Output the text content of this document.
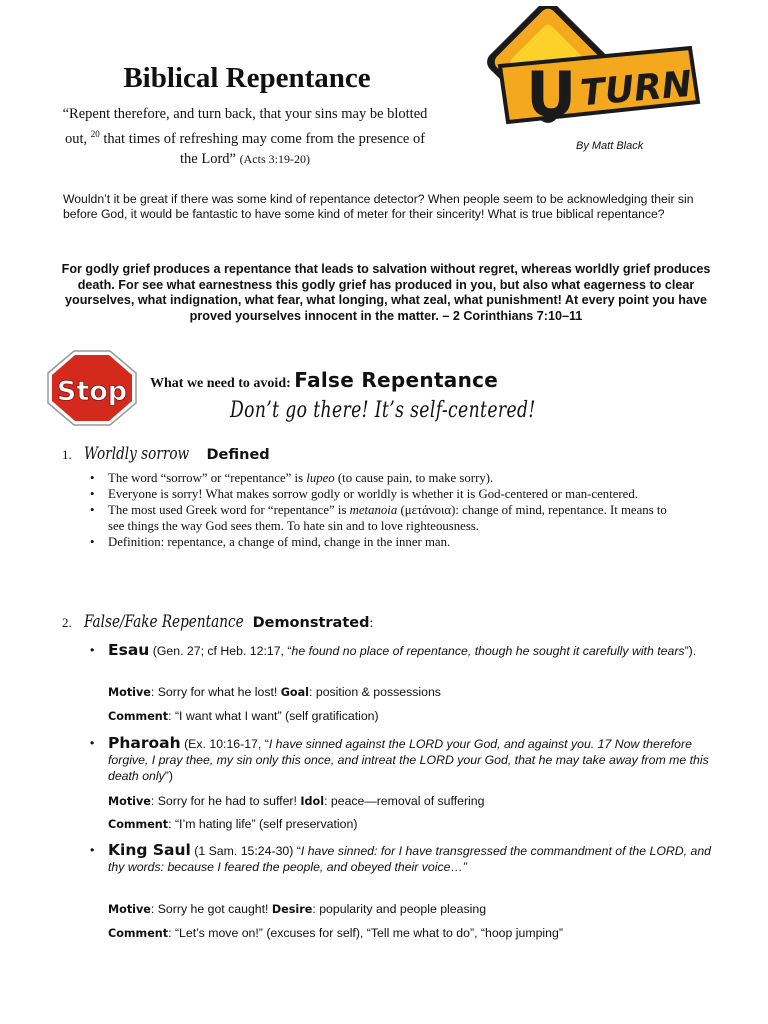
Biblical Repentance
“Repent therefore, and turn back, that your sins may be blotted out, $^{20}$ that times of refreshing may come from the presence of the Lord” (Acts 3:19-20)
U TURN
By Matt Black
Wouldn’t it be great if there was some kind of repentance detector? When people seem to be acknowledging their sin before God, it would be fantastic to have some kind of meter for their sincerity! What is true biblical repentance?
For godly grief produces a repentance that leads to salvation without regret, whereas worldly grief produces death. For see what earnestness this godly grief has produced in you, but also what eagerness to clear yourselves, what indignation, what fear, what longing, what zeal, what punishment! At every point you have proved yourselves innocent in the matter. – 2 Corinthians 7:10–11
Stop What we need to avoid: False Repentance
Don’t go there! It’s self-centered!
1. Worldly sorrow Defined
• The word “sorrow” or “repentance” is lupeo (to cause pain, to make sorry).
• Everyone is sorry! What makes sorrow godly or worldly is whether it is God-centered or man-centered.
• The most used Greek word for “repentance” is metanoia (μετάνοια): change of mind, repentance. It means to see things the way God sees them. To hate sin and to love righteousness.
• Definition: repentance, a change of mind, change in the inner man.
2. False/Fake Repentance Demonstrated:
• Esau (Gen. 27; cf Heb. 12:17, “he found no place of repentance, though he sought it carefully with tears”).
Motive: Sorry for what he lost! Goal: position & possessions
Comment: “I want what I want” (self gratification)
• Pharoah (Ex. 10:16-17, “I have sinned against the LORD your God, and against you. 17 Now therefore forgive, I pray thee, my sin only this once, and intreat the LORD your God, that he may take away from me this death only”)
Motive: Sorry for he had to suffer! Idol: peace—removal of suffering
Comment: “I’m hating life” (self preservation)
• King Saul (1 Sam. 15:24-30) “I have sinned: for I have transgressed the commandment of the LORD, and thy words: because I feared the people, and obeyed their voice…”
Motive: Sorry he got caught! Desire: popularity and people pleasing
Comment: “Let’s move on!” (excuses for self), “Tell me what to do”, “hoop jumping”
